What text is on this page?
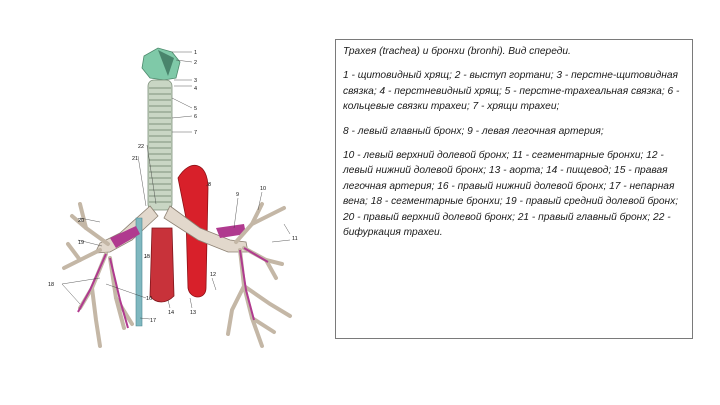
1
2
3
4
5
6
7
8
9
10
11
12
13
14
15
16
17
18
19
20
21
22

Трахея (trachea) и бронхи (bronhi). Вид спереди.

1 - щитовидный хрящ; 2 - выступ гортани; 3 - перстне-щитовидная связка; 4 - перстневидный хрящ; 5 - перстне-трахеальная связка; 6 - кольцевые связки трахеи; 7 - хрящи трахеи;

8 - левый главный бронх; 9 - левая легочная артерия;

10 - левый верхний долевой бронх; 11 - сегментарные бронхи; 12 - левый нижний долевой бронх; 13 - аорта; 14 - пищевод; 15 - правая легочная артерия; 16 - правый нижний долевой бронх; 17 - непарная вена; 18 - сегментарные бронхи; 19 - правый средний долевой бронх; 20 - правый верхний долевой бронх; 21 - правый главный бронх; 22 - бифуркация трахеи.
